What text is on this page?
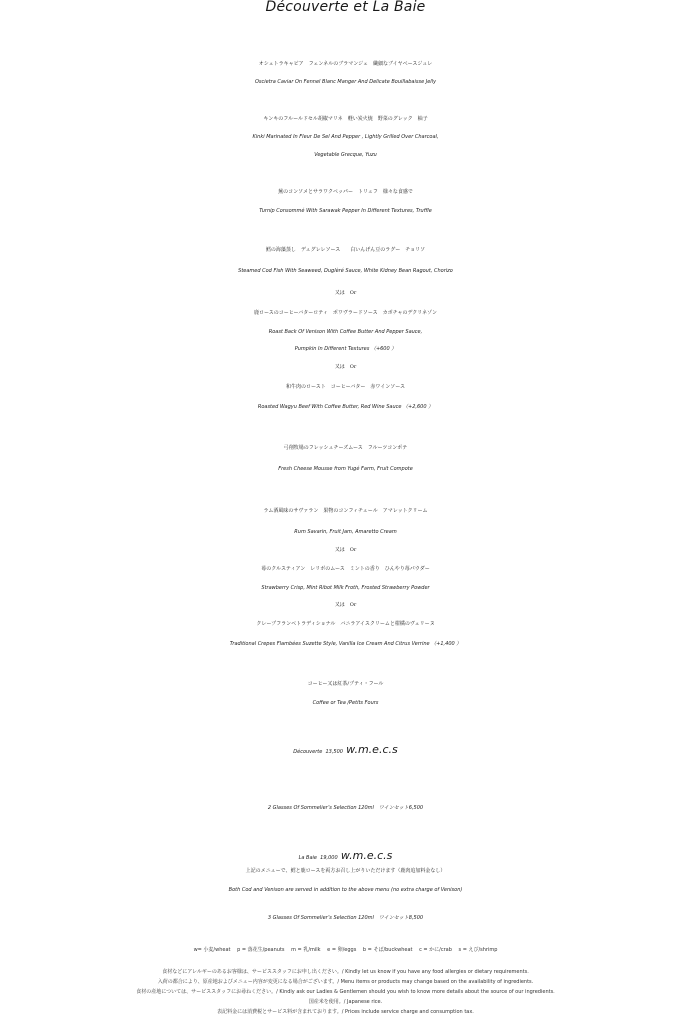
Découverte et La Baie
オシェトラキャビア　フェンネルのブラマンジェ　繊細なブイヤベースジュレ
Oscietra Caviar On Fennel Blanc Manger And Delicate Bouillabaisse Jelly
キンキのフルールドセル胡椒マリネ　軽い炭火焼　野菜のグレック　柚子
Kinki Marinated In Fleur De Sel And Pepper , Lightly Grilled Over Charcoal,
Vegetable Grecque, Yuzu
蕪のコンソメとサラワクペッパー　トリュフ　様々な食感で
Turnip Consommé With Sarawak Pepper In Different Textures, Truffle
鱈の海藻蒸し　デュグレレソース　　白いんげん豆のラグー　チョリソ
Steamed Cod Fish With Seaweed, Duglèré Sauce, White Kidney Bean Ragout, Chorizo
又は　Or
鹿ロースのコーヒーバターロティ　ポワヴラードソース　カボチャのデクリネゾン
Roast Back Of Venison With Coffee Butter And Pepper Sauce,
Pumpkin In Different Textures （+600 ）
又は　Or
和牛肉のロースト　コーヒーバター　赤ワインソース
Roasted Wagyu Beef With Coffee Butter, Red Wine Sauce （+2,600 ）
弓削牧場のフレッシュチーズムース　フルーツコンポテ
Fresh Cheese Mousse from Yugé Farm, Fruit Compote
ラム酒風味のサヴァラン　果物のコンフィチュール　アマレットクリーム
Rum Savarin, Fruit Jam, Amaretto Cream
又は　Or
苺のクルスティアン　レリボのムース　ミントの香り　ひんやり苺パウダー
Strawberry Crisp, Mint Ribot Milk Froth, Frosted Strawberry Powder
又は　Or
クレープフランベトラディショナル　バニラアイスクリームと柑橘のヴェリーヌ
Traditional Crepes Flambées Suzette Style, Vanilla Ice Cream And Citrus Verrine （+1,400 ）
コーヒー又は紅茶/プティ・フール
Coffee or Tea /Petits Fours
Découverte 13,500 w.m.e.c.s
2 Glasses Of Sommelier’s Selection 120ml　ワインセット6,500
La Baie 19,000 w.m.e.c.s
上記のメニューで、鱈と鹿ロースを両方お召し上がりいただけます（鹿肉追加料金なし）
Both Cod and Venison are served in addition to the above menu (no extra charge of Venison)
3 Glasses Of Sommelier’s Selection 120ml　ワインセット8,500
w= 小麦/wheat　 p = 落花生/peanuts　 m = 乳/milk　 e = 卵/eggs　 b = そば/buckwheat　 c = かに/crab　 s = えび/shrimp
食材などにアレルギーのあるお客様は、サービススタッフにお申し出ください。/ Kindly let us know if you have any food allergies or dietary requirements.
入荷の都合により、原産地およびメニュー内容が変更になる場合がございます。/ Menu items or products may change based on the availability of ingredients.
食材の産地については、サービススタッフにお尋ねください。/ Kindly ask our Ladies & Gentlemen should you wish to know more details about the source of our ingredients.
国産米を使用。/ Japanese rice.
表記料金には消費税とサービス料が含まれております。/ Prices include service charge and consumption tax.
